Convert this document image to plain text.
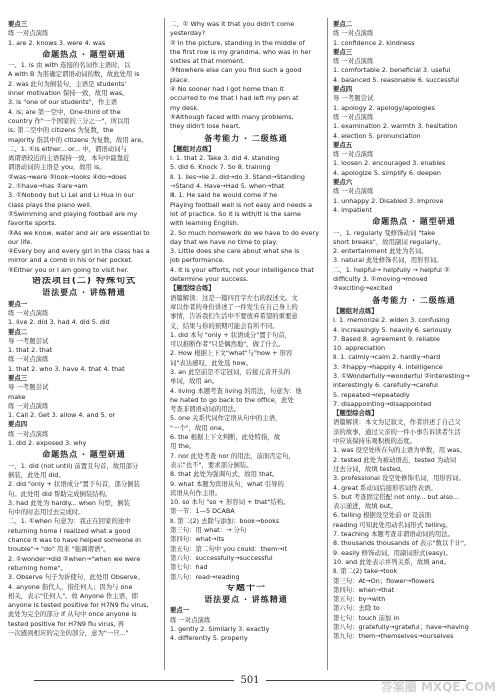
要点三
练 一对点演练
1. are 2. knows 3. were 4. was
命题热点 · 题型研通
一、1. is 由 with 连接的名词作主语时，以
A with B 为准确定谓语动词的数，故此处用 is
2. was 此句为倒装句，主语是 students'
inner motivation 保持一致，故用 was。
3. is "one of our students"，作主语
4. is; are 第一空中，One-third of the
country 作"一个国家的三分之一"，所以用
is; 第二空中的 citizens 为复数，the
majority 指其中的 citizens 为复数，故用 are。
二、1. ①is either... or... 中，谓语动词与
离谓语较近的主语保持一致，本句中最靠近
谓语动词的主语是 you，故用 is。
②was→were ③look→looks ④do→does
2. ①have→has ②are→am
3. ①Nobody but Li Lei and Li Hua in our
class plays the piano well.
②Swimming and playing football are my
favorite sports.
③As we know, water and air are essential to
our life.
④Every boy and every girl in the class has a
mirror and a comb in his or her pocket.
⑤Either you or I am going to visit her.
语法项目(二) 特殊句式
语法要点 · 讲练精通
要点一
练 一对点演练
1. live 2. did 3. had 4. did 5. did
要点二
导 一考题尝试
1. that 2. that
练 一对点演练
1. that 2. who 3. have 4. that 4. that
要点三
导 一考题尝试
make
练 一对点演练
1. Call 2. Get 3. allow 4. and 5. or
要点四
练 一对点演练
1. did 2. exposed 3. why
命题热点 · 题型研通
一、1. did (not until) 前置且句首，故用部分
倒装，此处用 did。
2. did "only + 状语成分"置于句首，部分倒装
句。此处用 did 帮助完成倒装结构。
3. had 此处为 hardly... when 句型，倒装
句中的时态用过去完成时。
二、1. ①when 句意为：我正在回家的途中
returning home I realized what a good
chance it was to have helped someone in
trouble"→ "do" 用来 "强调谓语"。
2. ①wonder→did ②when→"when we were
returning home"。
3. Observe 句子为祈使句，此处用 Observe。
4. anyone 指代人，指任何人；因为与 one
相关，表示"任何人"。故 Anyone 作主语，即
anyone is tested positive for H7N9 flu virus,
此处为完全的部分 if 从句中 once anyone is
tested positive for H7N9 flu virus, 再
一次感到相应的完全的部分，意为"一旦..."
二、① Why was it that you didn't come
yesterday?
② In the picture, standing in the middle of
the first row is my grandma, who was in her
sixties at that moment.
③Nowhere else can you find such a good
place.
④ No sooner had I got home than it
occurred to me that I had left my pen at
my desk.
⑤Although faced with many problems,
they didn't lose heart.
备考能力 · 二级练通
【题组对点练】
Ⅰ. 1. that 2. Take 3. did 4. standing
5. did 6. Knock 7. So 8. training
Ⅱ. 1. lies→lie 2. did→do 3. Stand→Standing
→Stand 4. Have→Had 5. when→that
Ⅲ. 1. He said he would come if he
Playing football well is not easy and needs a
lot of practice. So it is with/It is the same
with learning English.
2. So much homework do we have to do every
day that we have no time to play.
3. Little does she care about what she is
job performance.
4. It is your efforts, not your intelligence that
determine your success.
【题型综合练】
语篇解读：这是一篇四百字左右的叙述文。文
章以作者的身份讲述了一件发生在自己身上的
事情，告诉我们生活中不要放弃希望的重要意
义，结果与你的预期可能会有所不同。
1. did 本句 "only + 状语成分"置于句首，
可以推断作者"只是偶然地"，做了什么。
2. How 根据上下文"what"与"how + 形容
词"表达感叹，此处选 how。
3. an 此空前是不定冠词，后接元音开头的
单词，故用 an。
4. living 本题考查 living 的用法，句意为：他
he hated to go back to the office，此处
考查非谓语动词的用法。
5. one 关系代词作定语从句中的主语，
"一个"，故用 one。
6. the 根据上下文判断，此处特指，故
用 the。
7. nor 此处考查 nor 的用法，前面否定句，
表示"也不"，要求部分倒装。
8. that 此处为强调句式，故用 that。
9. what 本题为宾语从句，what 引导的
宾语从句作主语。
10. so 本句 "so + 形容词 + that"结构。
第一节：1—5 DCABA
Ⅱ. 第二(2) 去除与添加：book→books
第三句：用 what：→ 分句
第四句：what→its
第五句：第二句中 you could：them→it
第六句：successfully→successful
第七句：had
第八句：read→reading
专题十一
语法要点 · 讲练精通
要点一
练 一对点演练
1. gently 2. Similarly 3. exactly
4. differently 5. properly
要点二
练 一对点演练
1. confidence 2. kindness
要点三
练 一对点演练
1. comfortable 2. beneficial 3. useful
4. balanced 5. reasonable 6. successful
要点四
导 一考题尝试
1. apology 2. apology/apologies
练 一对点演练
1. examination 2. warmth 3. hesitation
4. election 5. pronunciation
要点五
练 一对点演练
1. loosen 2. encouraged 3. enables
4. apologize 5. simplify 6. deepen
要点六
练 一对点演练
1. unhappy 2. Disabled 3. Improve
4. impatient
命题热点 · 题型研通
一、1. regularly 变修饰动词 "take
short breaks"，故用副词 regularly。
2. entertainment 此处为名词。
3. natural 此处修饰名词，用形容词。
二、1. helpful→ helpfully → helpful ②
difficulty 3. ①moving→moved
②exciting→excited
备考能力 · 二级练通
【题组对点练】
Ⅰ. 1. memorize 2. widen 3. confusing
4. increasingly 5. heavily 6. seriously
7. Based 8. agreement 9. reliable
10. appreciation
Ⅱ. 1. calmly→calm 2. hardly→hard
3. ②happy→happily 4. intelligence
3. ①Wonderfully→wonderful ②interesting→
interestingly 6. carefully→careful
5. repeated→repeatedly
7. disappointing→disappointed
【题型综合练】
语篇解读：本文为记叙文，作者讲述了自己父
亲的故事，通过父亲的一件小事告诉读者生活
中应该保持乐观积极的态度。
1. was 设空处所在句的主语为单数，用 was。
2. tested 此处为被动语态，tested 为动词
过去分词，故填 tested。
3. professional 设空处修饰名词，用形容词。
4. great 系动词后接形容词作表语。
5. but 考查固定搭配 not only... but also...
表示递进，故填 but。
6. telling 根据设空处前 or 及前面
reading 可知此处用动名词形式 telling。
7. teaching 本题考查非谓语动词的用法。
8. thousands thousands of 表示"数以千计"。
9. easily 修饰动词，用副词形式(easy)。
10. and 此处表示并列关系，故填 and。
Ⅱ. 第二(2) take→took
第三句：At→On；flower→flowers
第四句：when→that
第五句：by→with
第六句：去除 to
第七句：touch 前加 in
第八句：gratefully→grateful；have→having
第九句：them→themselves→ourselves
501	答案圈 MXQE.COM
